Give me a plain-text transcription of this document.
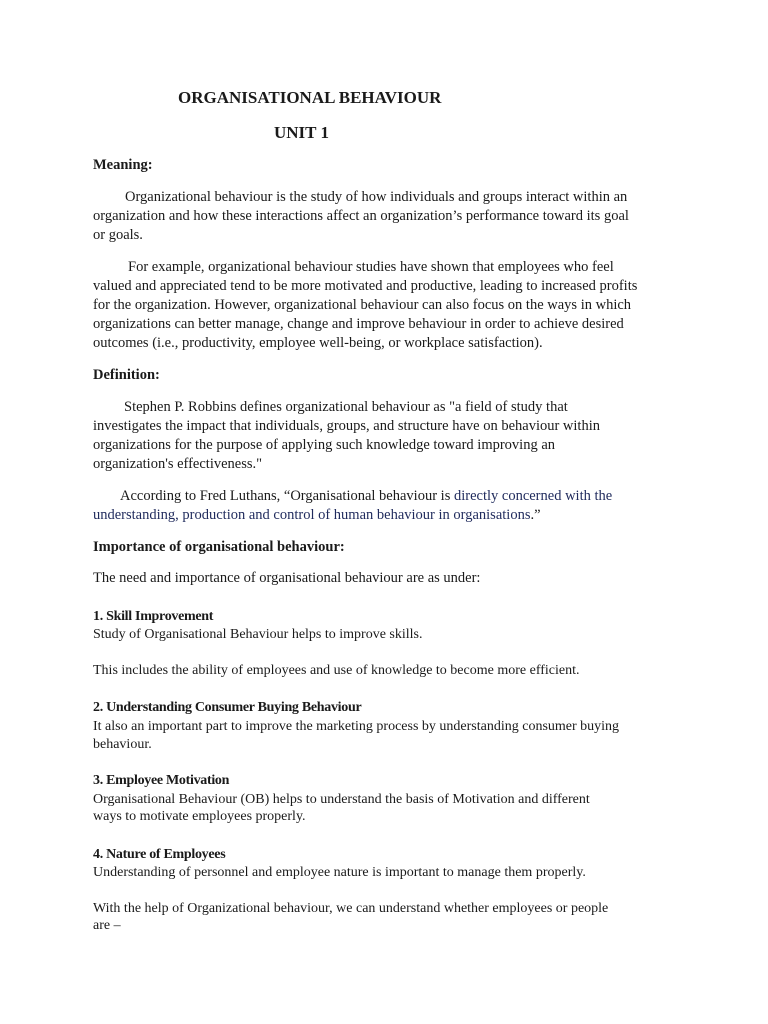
ORGANISATIONAL BEHAVIOUR
UNIT 1
Meaning:
Organizational behaviour is the study of how individuals and groups interact within an
organization and how these interactions affect an organization’s performance toward its goal
or goals.
For example, organizational behaviour studies have shown that employees who feel
valued and appreciated tend to be more motivated and productive, leading to increased profits
for the organization. However, organizational behaviour can also focus on the ways in which
organizations can better manage, change and improve behaviour in order to achieve desired
outcomes (i.e., productivity, employee well-being, or workplace satisfaction).
Definition:
Stephen P. Robbins defines organizational behaviour as "a field of study that
investigates the impact that individuals, groups, and structure have on behaviour within
organizations for the purpose of applying such knowledge toward improving an
organization's effectiveness."
According to Fred Luthans, “Organisational behaviour is directly concerned with the
understanding, production and control of human behaviour in organisations.”
Importance of organisational behaviour:
The need and importance of organisational behaviour are as under:
1. Skill Improvement
Study of Organisational Behaviour helps to improve skills.
This includes the ability of employees and use of knowledge to become more efficient.
2. Understanding Consumer Buying Behaviour
It also an important part to improve the marketing process by understanding consumer buying
behaviour.
3. Employee Motivation
Organisational Behaviour (OB) helps to understand the basis of Motivation and different
ways to motivate employees properly.
4. Nature of Employees
Understanding of personnel and employee nature is important to manage them properly.
With the help of Organizational behaviour, we can understand whether employees or people
are –
